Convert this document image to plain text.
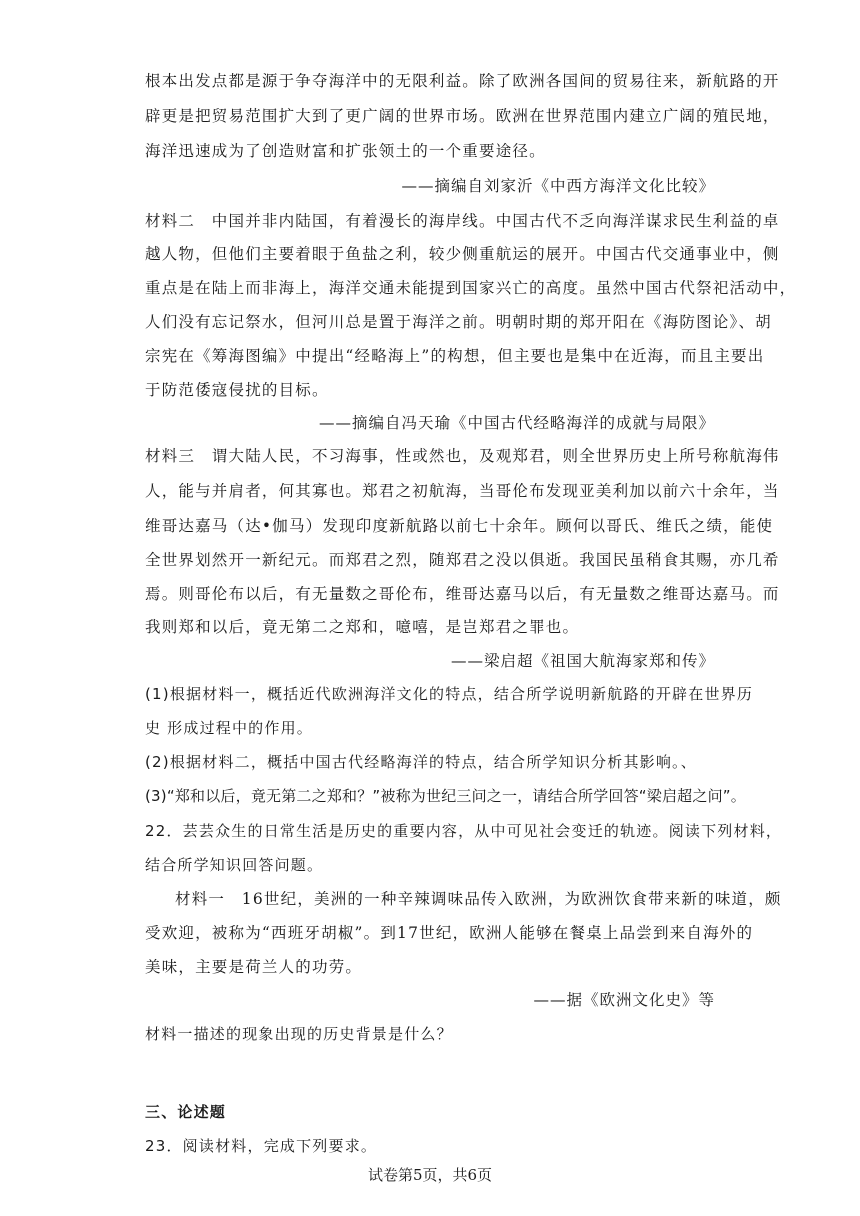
根本出发点都是源于争夺海洋中的无限利益。除了欧洲各国间的贸易往来，新航路的开
辟更是把贸易范围扩大到了更广阔的世界市场。欧洲在世界范围内建立广阔的殖民地，
海洋迅速成为了创造财富和扩张领土的一个重要途径。
——摘编自刘家沂《中西方海洋文化比较》
材料二　中国并非内陆国，有着漫长的海岸线。中国古代不乏向海洋谋求民生利益的卓
越人物，但他们主要着眼于鱼盐之利，较少侧重航运的展开。中国古代交通事业中，侧
重点是在陆上而非海上，海洋交通未能提到国家兴亡的高度。虽然中国古代祭祀活动中，
人们没有忘记祭水，但河川总是置于海洋之前。明朝时期的郑开阳在《海防图论》、胡
宗宪在《筹海图编》中提出“经略海上”的构想，但主要也是集中在近海，而且主要出
于防范倭寇侵扰的目标。
——摘编自冯天瑜《中国古代经略海洋的成就与局限》
材料三　谓大陆人民，不习海事，性或然也，及观郑君，则全世界历史上所号称航海伟
人，能与并肩者，何其寡也。郑君之初航海，当哥伦布发现亚美利加以前六十余年，当
维哥达嘉马（达•伽马）发现印度新航路以前七十余年。顾何以哥氏、维氏之绩，能使
全世界划然开一新纪元。而郑君之烈，随郑君之没以俱逝。我国民虽稍食其赐，亦几希
焉。则哥伦布以后，有无量数之哥伦布，维哥达嘉马以后，有无量数之维哥达嘉马。而
我则郑和以后，竟无第二之郑和，噫嘻，是岂郑君之罪也。
——梁启超《祖国大航海家郑和传》
(1)根据材料一，概括近代欧洲海洋文化的特点，结合所学说明新航路的开辟在世界历
史 形成过程中的作用。
(2)根据材料二，概括中国古代经略海洋的特点，结合所学知识分析其影响。、
(3)“郑和以后，竟无第二之郑和？”被称为世纪三问之一，请结合所学回答“梁启超之问”。
22．芸芸众生的日常生活是历史的重要内容，从中可见社会变迁的轨迹。阅读下列材料，
结合所学知识回答问题。
材料一　16世纪，美洲的一种辛辣调味品传入欧洲，为欧洲饮食带来新的味道，颇
受欢迎，被称为“西班牙胡椒”。到17世纪，欧洲人能够在餐桌上品尝到来自海外的
美味，主要是荷兰人的功劳。
——据《欧洲文化史》等
材料一描述的现象出现的历史背景是什么？
三、论述题
23．阅读材料，完成下列要求。
试卷第5页，共6页
